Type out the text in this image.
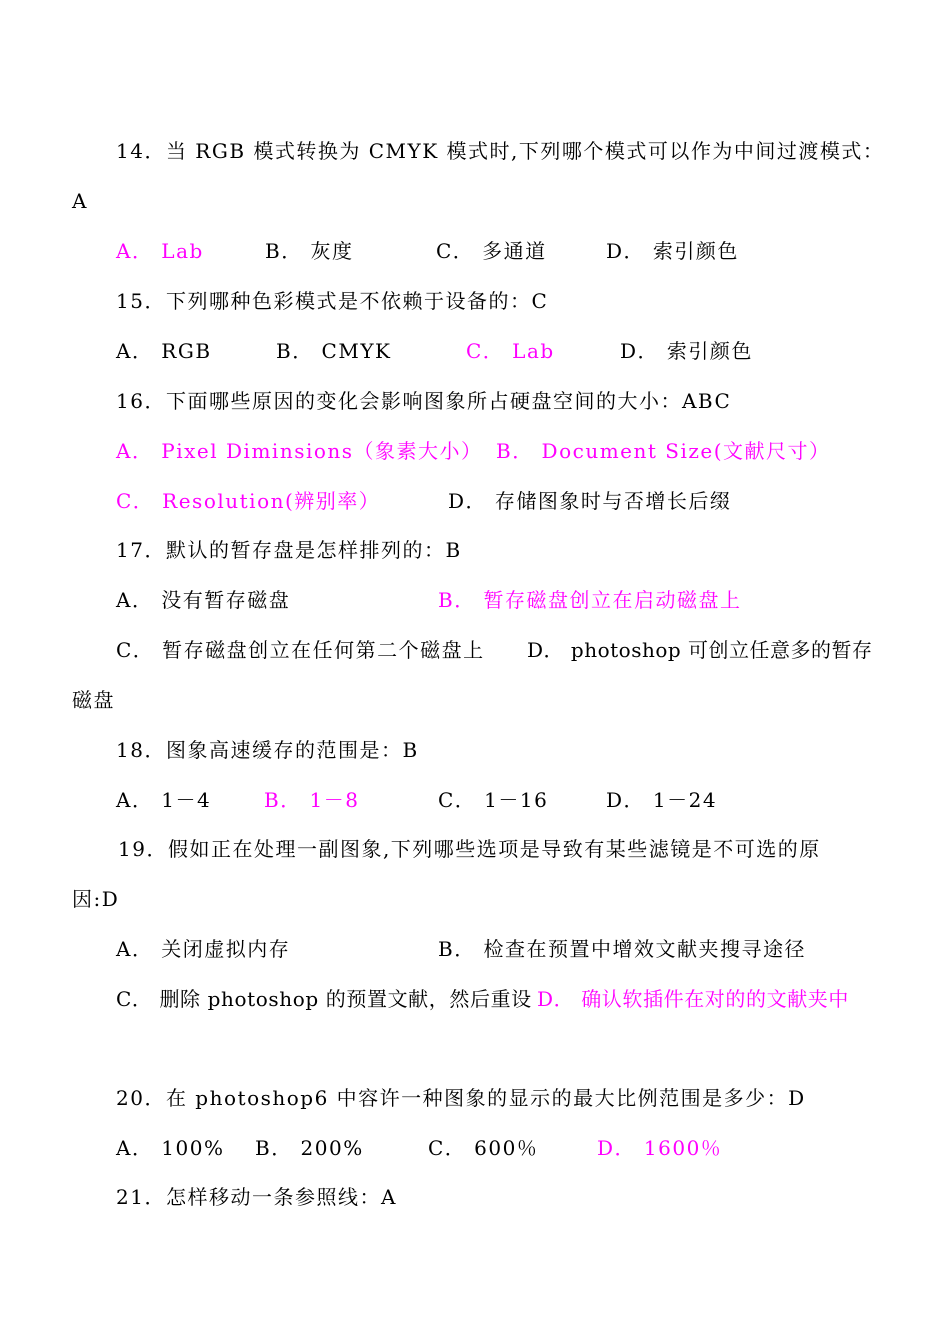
14．当 RGB 模式转换为 CMYK 模式时,下列哪个模式可以作为中间过渡模式：
A
A． Lab	B． 灰度	C． 多通道	D． 索引颜色
15．下列哪种色彩模式是不依赖于设备的：C
A． RGB	B． CMYK	C． Lab	D． 索引颜色
16．下面哪些原因的变化会影响图象所占硬盘空间的大小：ABC
A． Pixel Diminsions（象素大小） B． Document Size(文献尺寸）
C． Resolution(辨别率）	D． 存储图象时与否增长后缀
17．默认的暂存盘是怎样排列的：B
A． 没有暂存磁盘	B． 暂存磁盘创立在启动磁盘上
C． 暂存磁盘创立在任何第二个磁盘上 D． photoshop 可创立任意多的暂存
磁盘
18．图象高速缓存的范围是：B
A． 1－4	B． 1－8	C． 1－16	D． 1－24
19．假如正在处理一副图象,下列哪些选项是导致有某些滤镜是不可选的原
因:D
A． 关闭虚拟内存	B． 检查在预置中增效文献夹搜寻途径
C． 删除 photoshop 的预置文献，然后重设 D． 确认软插件在对的的文献夹中
20．在 photoshop6 中容许一种图象的显示的最大比例范围是多少：D
A． 100% B． 200%	C． 600％	D． 1600％
21．怎样移动一条参照线：A
